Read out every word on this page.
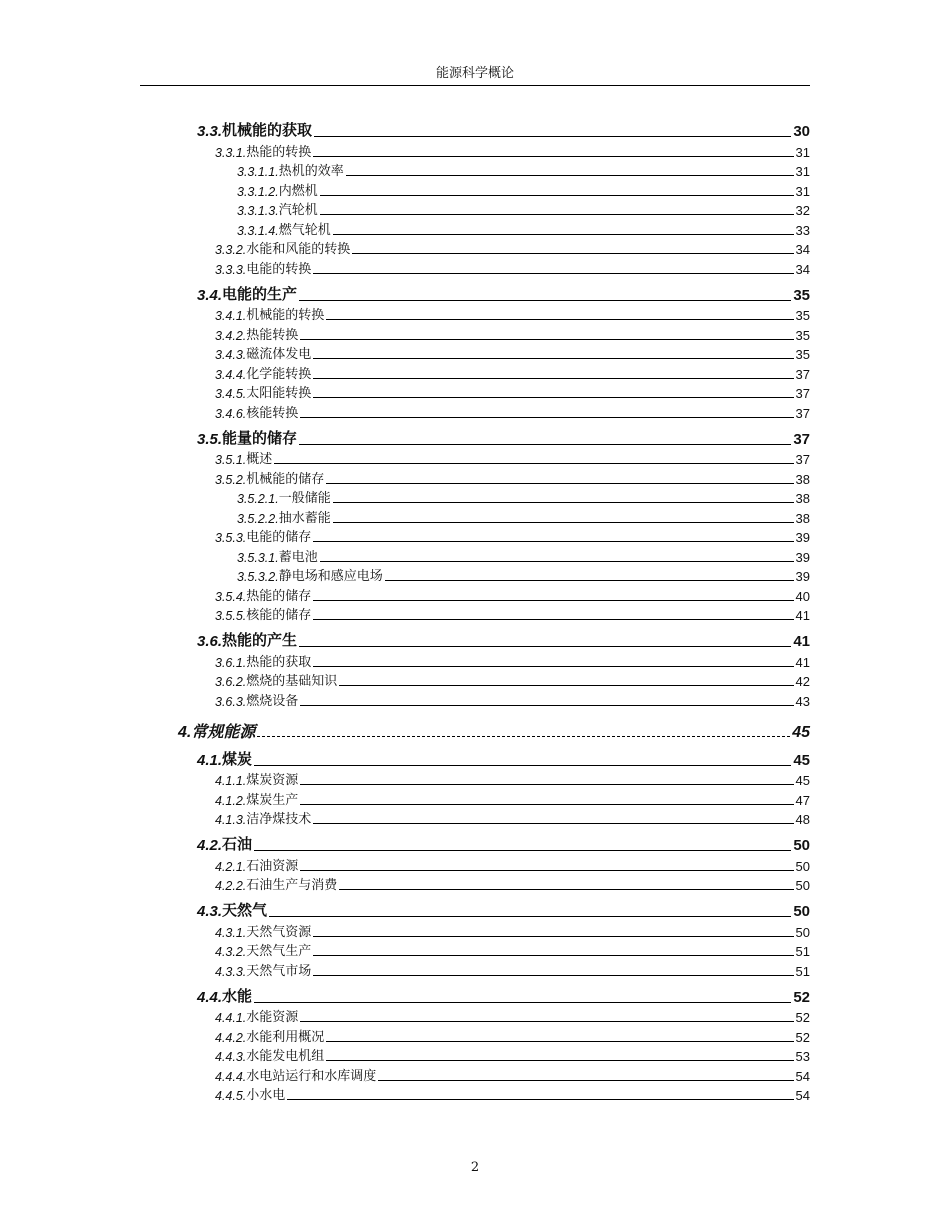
能源科学概论
3.3. 机械能的获取	30
3.3.1. 热能的转换	31
3.3.1.1. 热机的效率	31
3.3.1.2. 内燃机	31
3.3.1.3. 汽轮机	32
3.3.1.4. 燃气轮机	33
3.3.2. 水能和风能的转换	34
3.3.3. 电能的转换	34
3.4. 电能的生产	35
3.4.1. 机械能的转换	35
3.4.2. 热能转换	35
3.4.3. 磁流体发电	35
3.4.4. 化学能转换	37
3.4.5. 太阳能转换	37
3.4.6. 核能转换	37
3.5. 能量的储存	37
3.5.1. 概述	37
3.5.2. 机械能的储存	38
3.5.2.1. 一般储能	38
3.5.2.2. 抽水蓄能	38
3.5.3. 电能的储存	39
3.5.3.1. 蓄电池	39
3.5.3.2. 静电场和感应电场	39
3.5.4. 热能的储存	40
3.5.5. 核能的储存	41
3.6. 热能的产生	41
3.6.1. 热能的获取	41
3.6.2. 燃烧的基础知识	42
3.6.3. 燃烧设备	43
4. 常规能源	45
4.1. 煤炭	45
4.1.1. 煤炭资源	45
4.1.2. 煤炭生产	47
4.1.3. 洁净煤技术	48
4.2. 石油	50
4.2.1. 石油资源	50
4.2.2. 石油生产与消费	50
4.3. 天然气	50
4.3.1. 天然气资源	50
4.3.2. 天然气生产	51
4.3.3. 天然气市场	51
4.4. 水能	52
4.4.1. 水能资源	52
4.4.2. 水能利用概况	52
4.4.3. 水能发电机组	53
4.4.4. 水电站运行和水库调度	54
4.4.5. 小水电	54
2
